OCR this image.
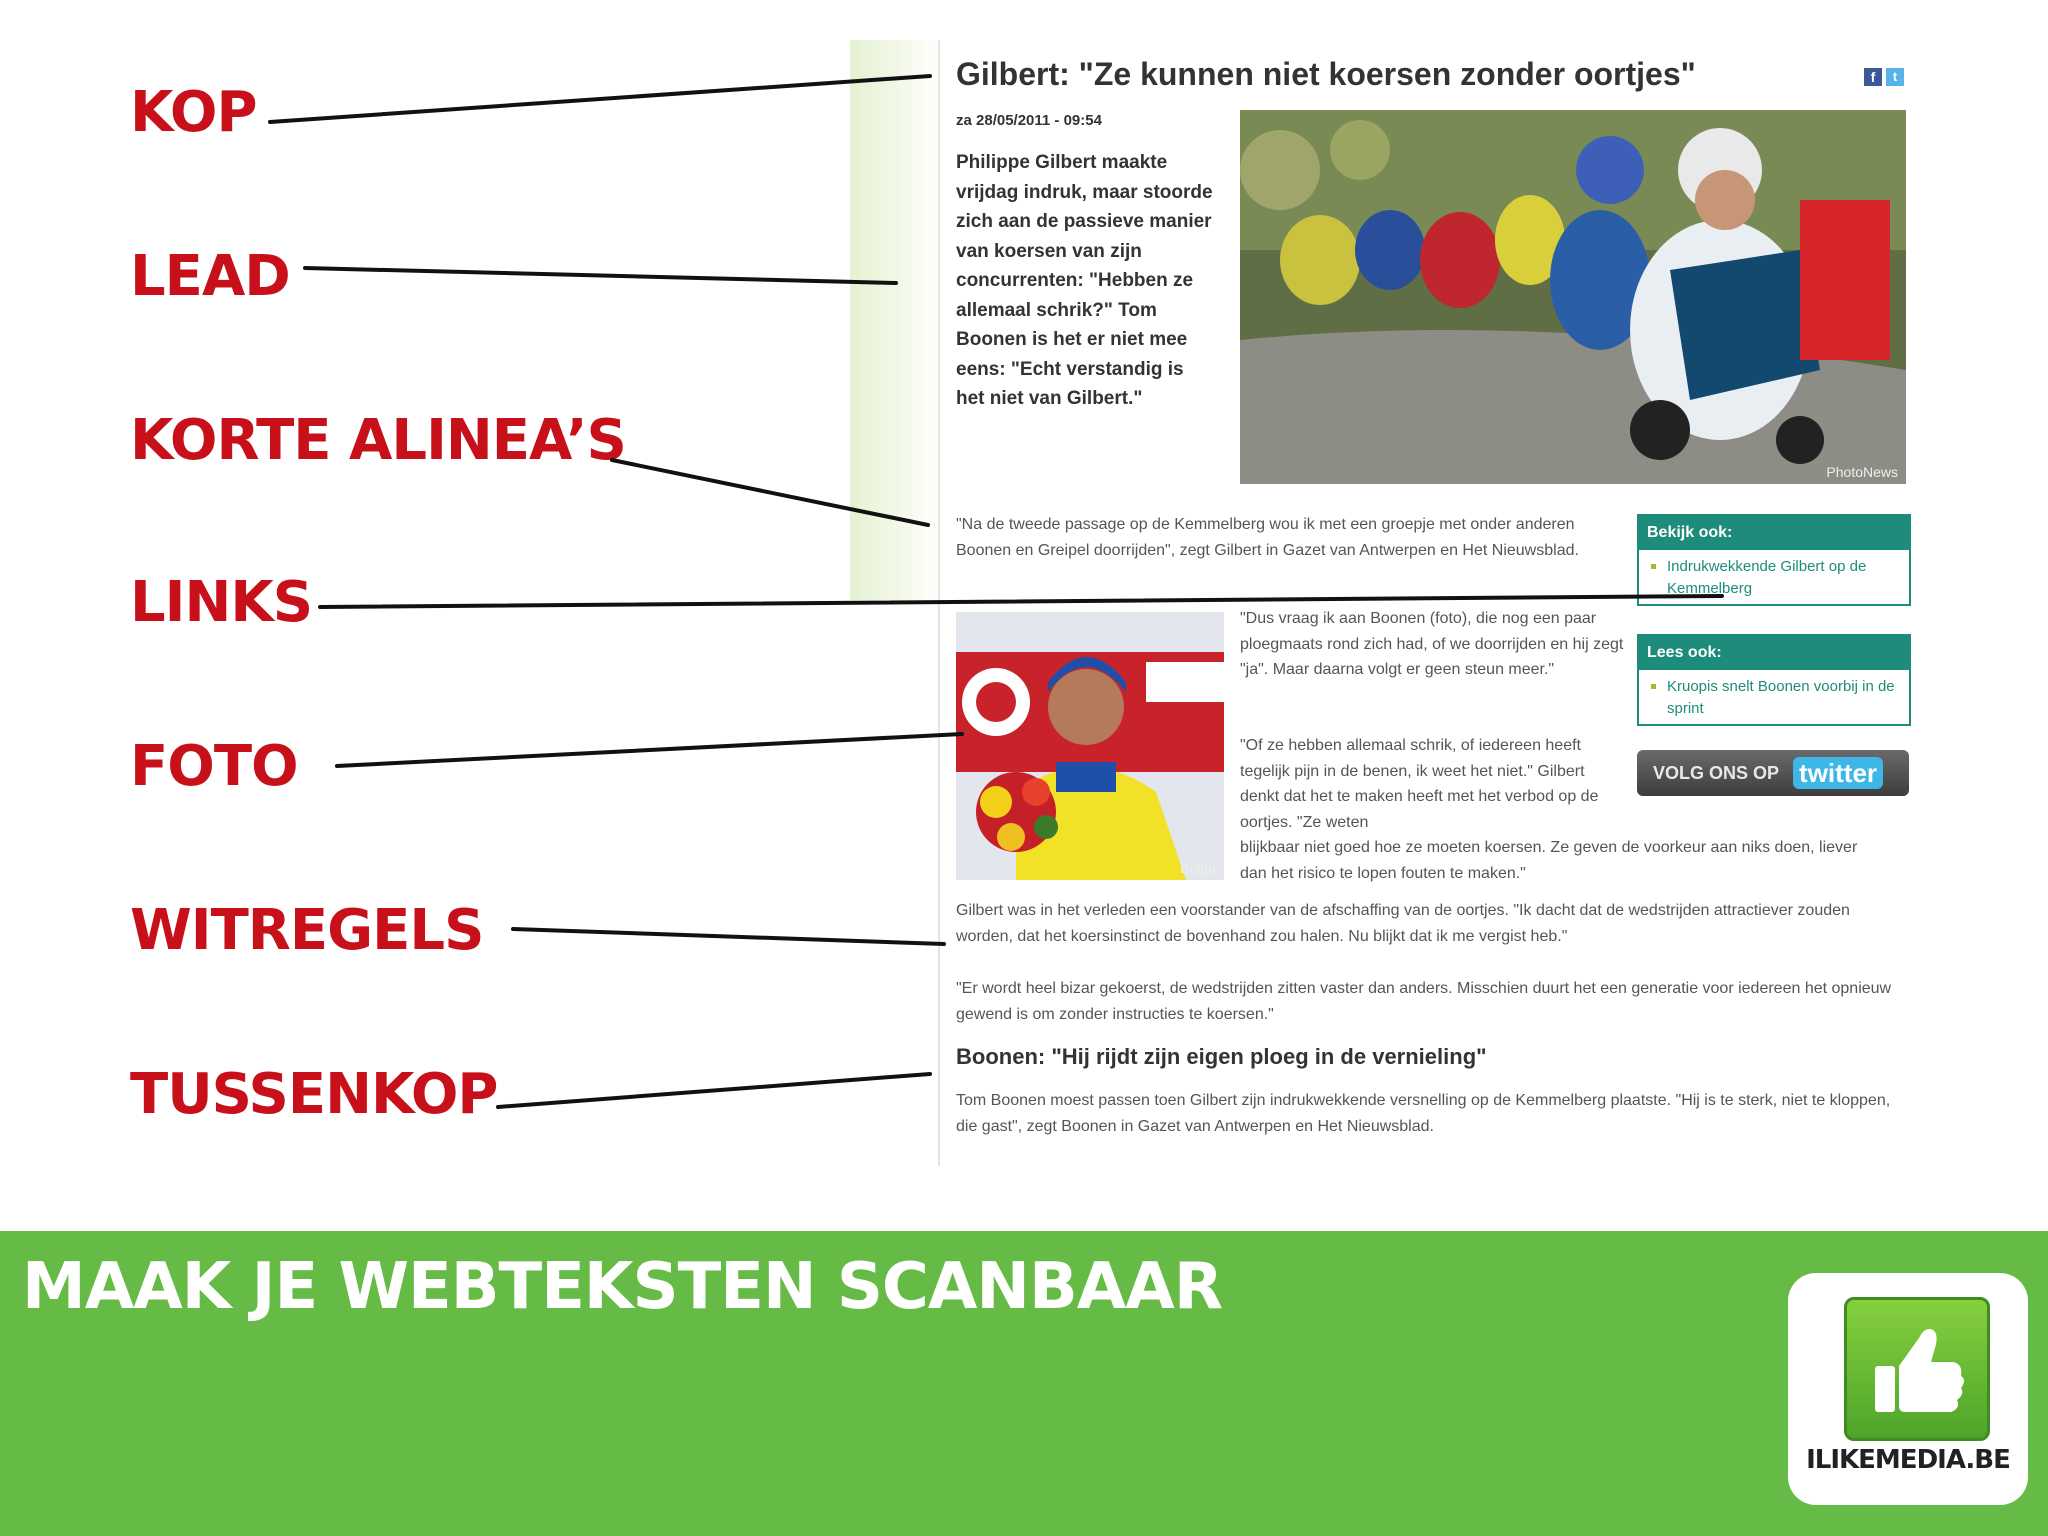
KOP
LEAD
KORTE ALINEA’S
LINKS
FOTO
WITREGELS
TUSSENKOP
Gilbert: "Ze kunnen niet koersen zonder oortjes"	f	t
za 28/05/2011 - 09:54
Philippe Gilbert maakte vrijdag indruk, maar stoorde zich aan de passieve manier van koersen van zijn concurrenten: "Hebben ze allemaal schrik?" Tom Boonen is het er niet mee eens: "Echt verstandig is het niet van Gilbert."
PhotoNews
"Na de tweede passage op de Kemmelberg wou ik met een groepje met onder anderen Boonen en Greipel doorrijden", zegt Gilbert in Gazet van Antwerpen en Het Nieuwsblad.
Belga
"Dus vraag ik aan Boonen (foto), die nog een paar ploegmaats rond zich had, of we doorrijden en hij zegt "ja". Maar daarna volgt er geen steun meer."
"Of ze hebben allemaal schrik, of iedereen heeft tegelijk pijn in de benen, ik weet het niet." Gilbert denkt dat het te maken heeft met het verbod op de oortjes. "Ze weten
blijkbaar niet goed hoe ze moeten koersen. Ze geven de voorkeur aan niks doen, liever dan het risico te lopen fouten te maken."
Bekijk ook:
Indrukwekkende Gilbert op de Kemmelberg
Lees ook:
Kruopis snelt Boonen voorbij in de sprint
VOLG ONS OP twitter
Gilbert was in het verleden een voorstander van de afschaffing van de oortjes. "Ik dacht dat de wedstrijden attractiever zouden worden, dat het koersinstinct de bovenhand zou halen. Nu blijkt dat ik me vergist heb."
"Er wordt heel bizar gekoerst, de wedstrijden zitten vaster dan anders. Misschien duurt het een generatie voor iedereen het opnieuw gewend is om zonder instructies te koersen."
Boonen: "Hij rijdt zijn eigen ploeg in de vernieling"
Tom Boonen moest passen toen Gilbert zijn indrukwekkende versnelling op de Kemmelberg plaatste. "Hij is te sterk, niet te kloppen, die gast", zegt Boonen in Gazet van Antwerpen en Het Nieuwsblad.
MAAK JE WEBTEKSTEN SCANBAAR
ILIKEMEDIA.BE
